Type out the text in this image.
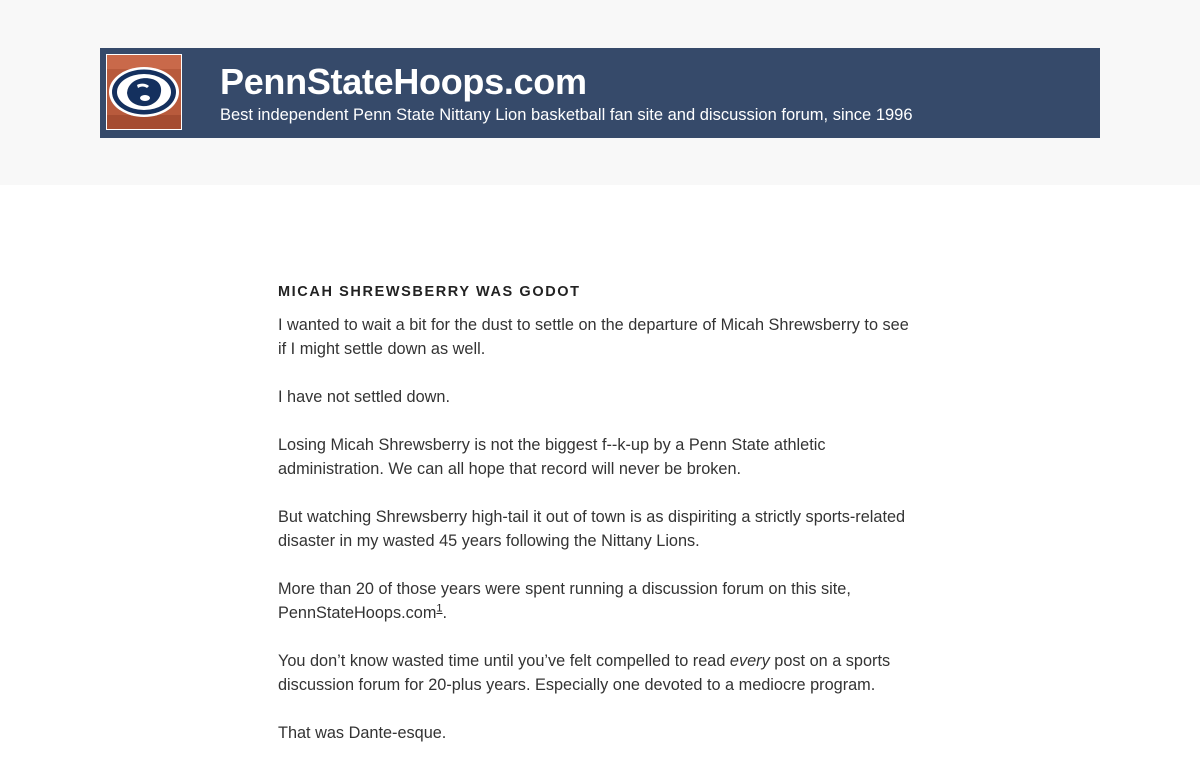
PennStateHoops.com

Best independent Penn State Nittany Lion basketball fan site and discussion forum, since 1996

MICAH SHREWSBERRY WAS GODOT

I wanted to wait a bit for the dust to settle on the departure of Micah Shrewsberry to see if I might settle down as well.

I have not settled down.

Losing Micah Shrewsberry is not the biggest f--k-up by a Penn State athletic administration. We can all hope that record will never be broken.

But watching Shrewsberry high-tail it out of town is as dispiriting a strictly sports-related disaster in my wasted 45 years following the Nittany Lions.

More than 20 of those years were spent running a discussion forum on this site, PennStateHoops.com$^1$.

You don’t know wasted time until you’ve felt compelled to read every post on a sports discussion forum for 20-plus years. Especially one devoted to a mediocre program.

That was Dante-esque.
